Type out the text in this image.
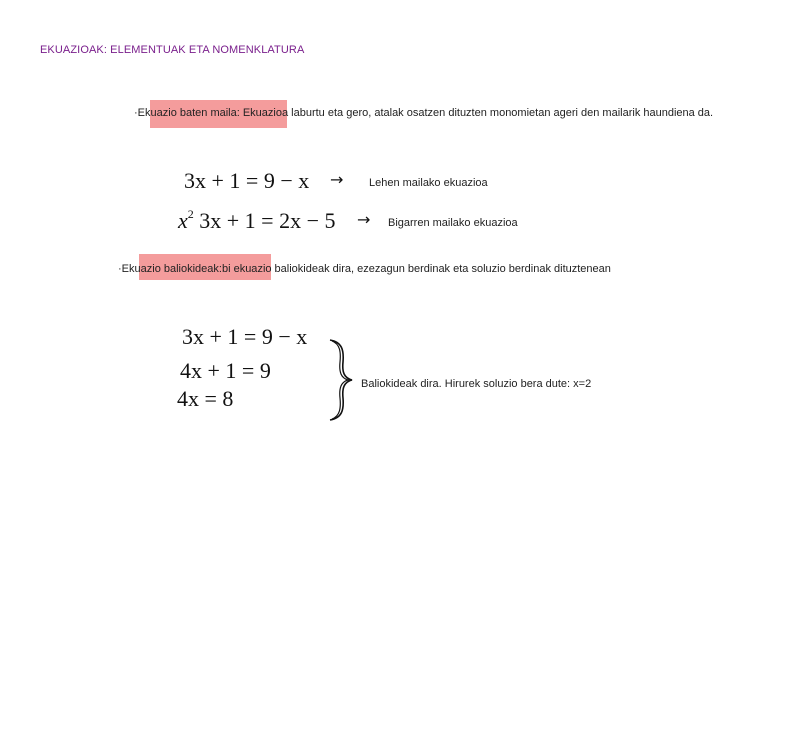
EKUAZIOAK: ELEMENTUAK ETA NOMENKLATURA
·Ekuazio baten maila: Ekuazioa laburtu eta gero, atalak osatzen dituzten monomietan ageri den mailarik haundiena da.
3x + 1 = 9 − x → Lehen mailako ekuazioa
$x^2$ 3x + 1 = 2x − 5 → Bigarren mailako ekuazioa
·Ekuazio baliokideak:bi ekuazio baliokideak dira, ezezagun berdinak eta soluzio berdinak dituztenean
3x + 1 = 9 − x
4x + 1 = 9
4x = 8
Baliokideak dira. Hirurek soluzio bera dute: x=2
